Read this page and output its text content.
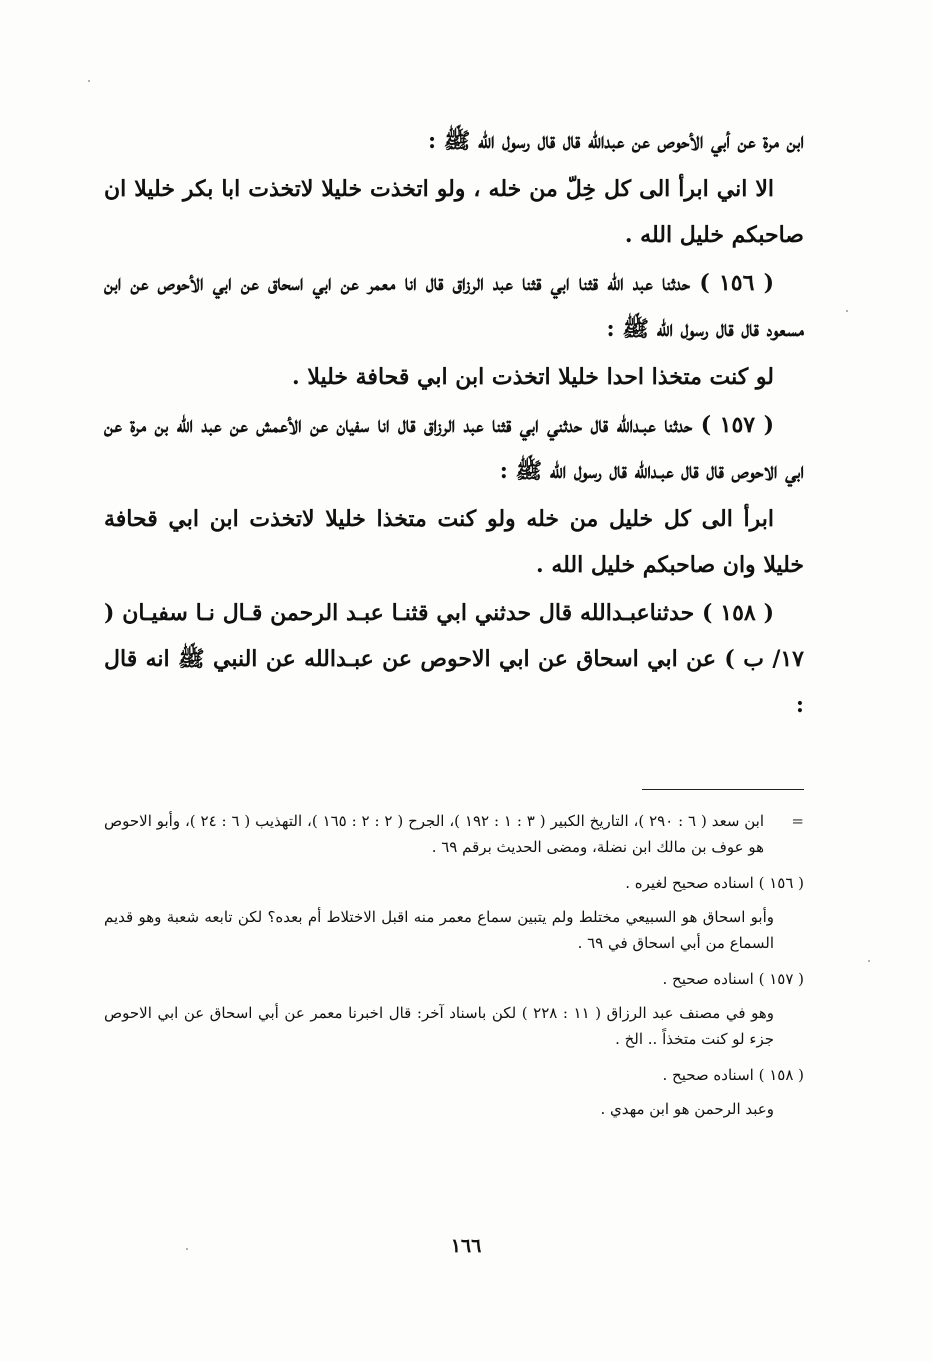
ابن مرة عن أبي الأحوص عن عبدالله قال قال رسول الله ﷺ :

الا اني ابرأ الى كل خِلّ من خله ، ولو اتخذت خليلا لاتخذت ابا بكر خليلا ان صاحبكم خليل الله .

( ١٥٦ ) حدثنا عبد الله قثنا ابي قثنا عبد الرزاق قال انا معمر عن ابي اسحاق عن ابي الأحوص عن ابن مسعود قال قال رسول الله ﷺ :

لو كنت متخذا احدا خليلا اتخذت ابن ابي قحافة خليلا .

( ١٥٧ ) حدثنا عبـدالله قال حدثني ابي قثنا عبد الرزاق قال انا سفيان عن الأعمش عن عبد الله بن مرة عن ابي الاحوص قال قال عبـدالله قال رسول الله ﷺ :

ابرأ الى كل خليل من خله ولو كنت متخذا خليلا لاتخذت ابن ابي قحافة خليلا وان صاحبكم خليل الله .

( ١٥٨ ) حدثناعبـدالله قال حدثني ابي قثنـا عبـد الرحمن قـال نـا سفيـان ( ١٧/ ب ) عن ابي اسحاق عن ابي الاحوص عن عبـدالله عن النبي ﷺ انه قال :

=
ابن سعد ( ٦ : ٢٩٠ )، التاريخ الكبير ( ٣ : ١ : ١٩٢ )، الجرح ( ٢ : ٢ : ١٦٥ )، التهذيب ( ٦ : ٢٤ )، وأبو الاحوص هو عوف بن مالك ابن نضلة، ومضى الحديث برقم ٦٩ .

( ١٥٦ ) اسناده صحيح لغيره .

وأبو اسحاق هو السبيعي مختلط ولم يتبين سماع معمر منه اقبل الاختلاط أم بعده؟ لكن تابعه شعبة وهو قديم السماع من أبي اسحاق في ٦٩ .

( ١٥٧ ) اسناده صحيح .

وهو في مصنف عبد الرزاق ( ١١ : ٢٢٨ ) لكن باسناد آخر: قال اخبرنا معمر عن أبي اسحاق عن ابي الاحوص جزء لو كنت متخذاً .. الخ .

( ١٥٨ ) اسناده صحيح .

وعبد الرحمن هو ابن مهدي .

١٦٦
